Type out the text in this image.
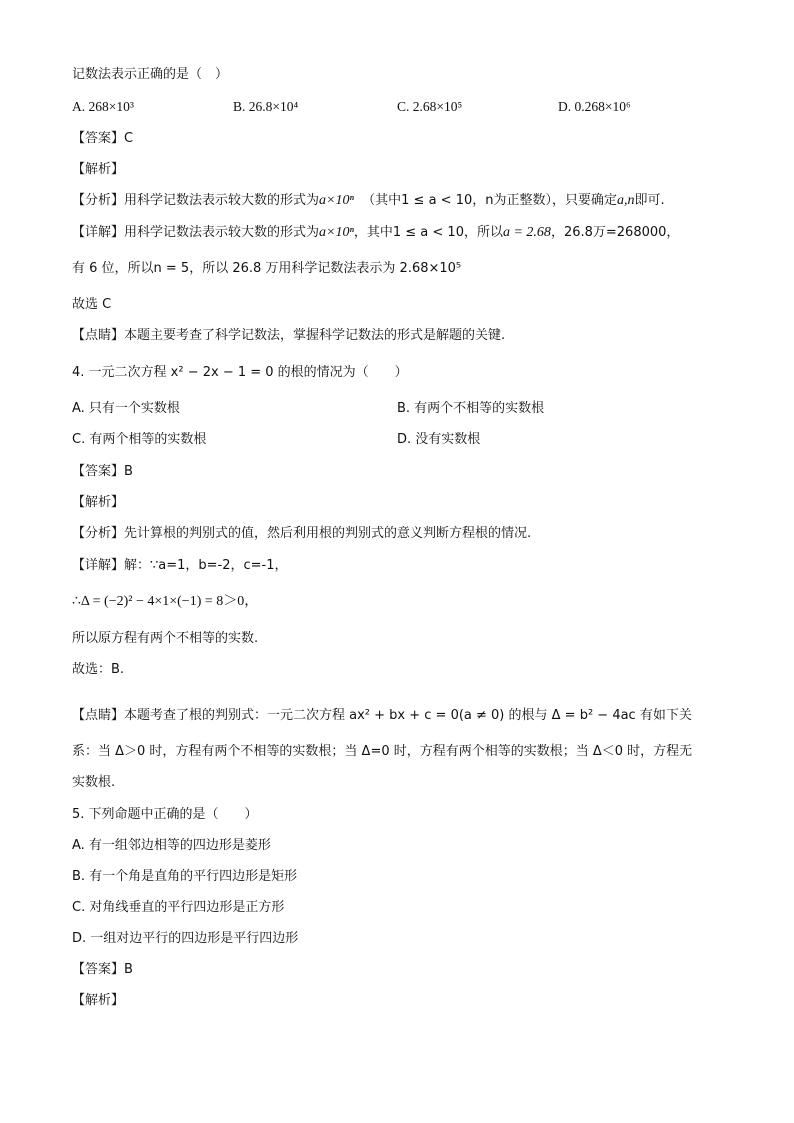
记数法表示正确的是（　）
A. 268×10³	B. 26.8×10⁴	C. 2.68×10⁵	D. 0.268×10⁶
【答案】C
【解析】
【分析】用科学记数法表示较大数的形式为a×10ⁿ （其中1 ≤ a < 10，n为正整数），只要确定a,n即可.
【详解】用科学记数法表示较大数的形式为a×10ⁿ，其中1 ≤ a < 10，所以a = 2.68，26.8万=268000，
有 6 位，所以n = 5，所以 26.8 万用科学记数法表示为 2.68×10⁵
故选 C
【点睛】本题主要考查了科学记数法，掌握科学记数法的形式是解题的关键.
4. 一元二次方程 x² − 2x − 1 = 0 的根的情况为（　　）
A. 只有一个实数根	B. 有两个不相等的实数根
C. 有两个相等的实数根	D. 没有实数根
【答案】B
【解析】
【分析】先计算根的判别式的值，然后利用根的判别式的意义判断方程根的情况.
【详解】解：∵a=1，b=-2，c=-1，
∴Δ = (−2)² − 4×1×(−1) = 8＞0，
所以原方程有两个不相等的实数.
故选：B.
【点睛】本题考查了根的判别式：一元二次方程 ax² + bx + c = 0(a ≠ 0) 的根与 Δ = b² − 4ac 有如下关
系：当 Δ＞0 时，方程有两个不相等的实数根；当 Δ=0 时，方程有两个相等的实数根；当 Δ＜0 时，方程无
实数根.
5. 下列命题中正确的是（　　）
A. 有一组邻边相等的四边形是菱形
B. 有一个角是直角的平行四边形是矩形
C. 对角线垂直的平行四边形是正方形
D. 一组对边平行的四边形是平行四边形
【答案】B
【解析】
